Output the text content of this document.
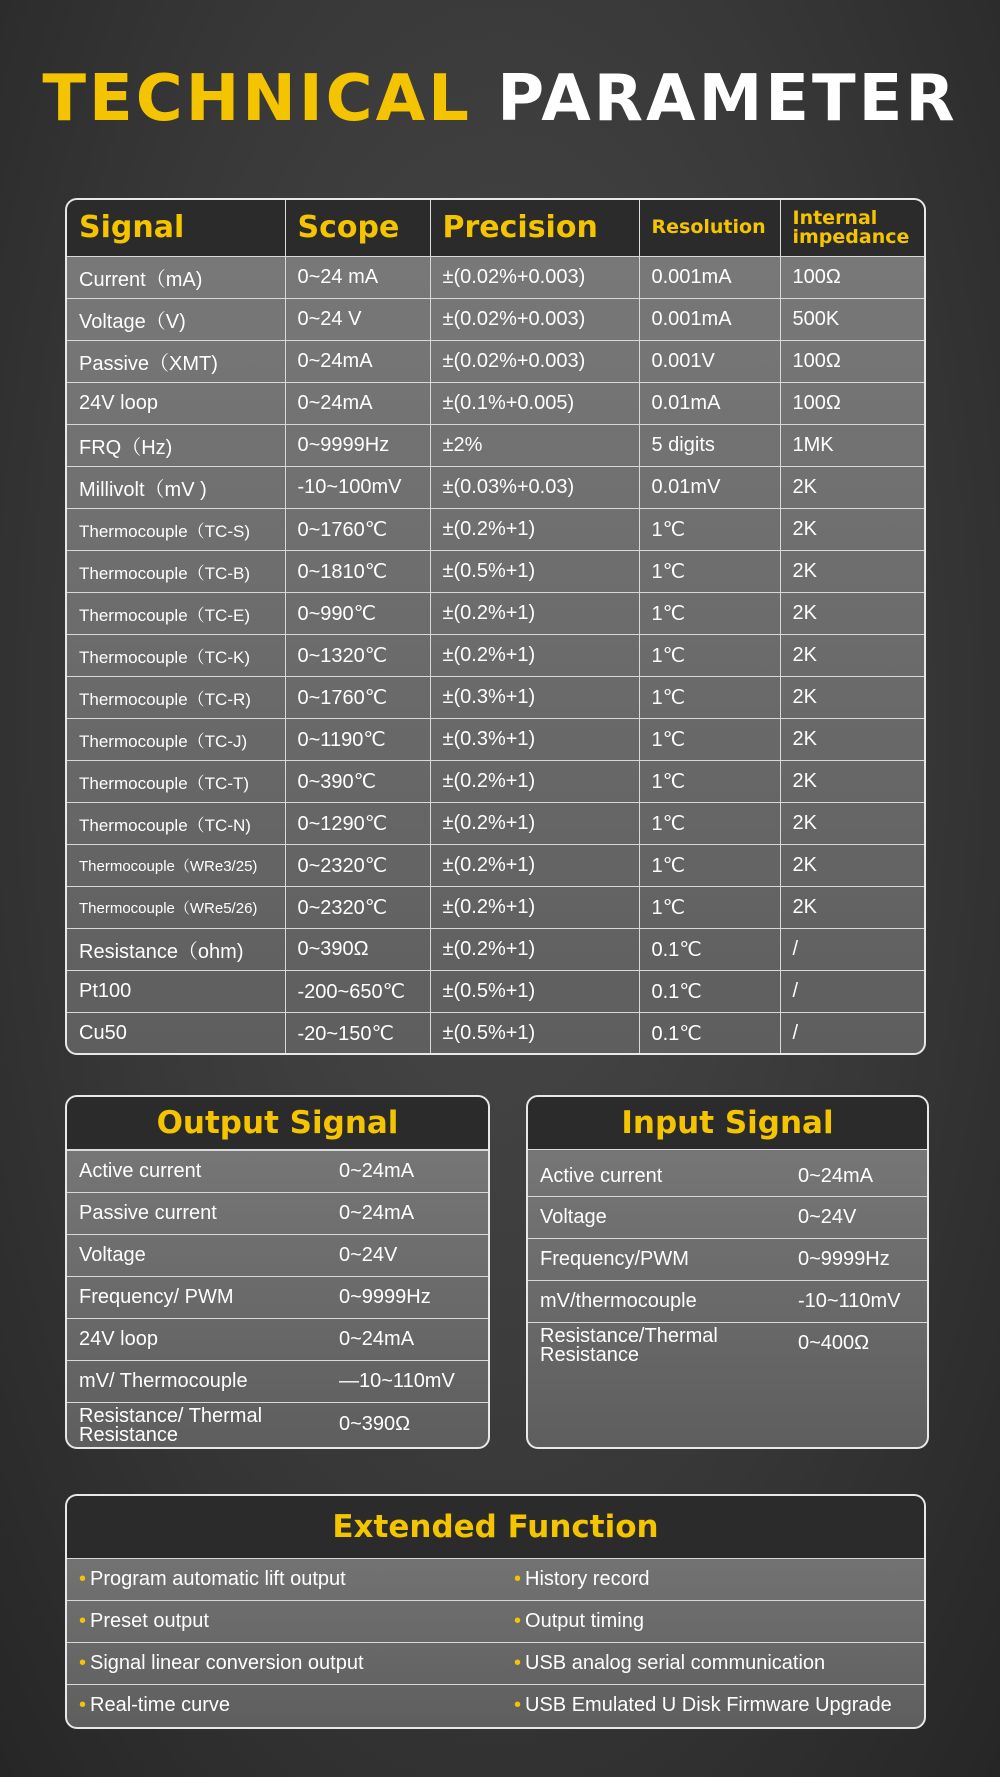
TECHNICAL PARAMETER
Signal	Scope	Precision	Resolution	Internal impedance
Current（mA)	0~24 mA	±(0.02%+0.003)	0.001mA	100Ω
Voltage（V)	0~24 V	±(0.02%+0.003)	0.001mA	500K
Passive（XMT)	0~24mA	±(0.02%+0.003)	0.001V	100Ω
24V loop	0~24mA	±(0.1%+0.005)	0.01mA	100Ω
FRQ（Hz)	0~9999Hz	±2%	5 digits	1MK
Millivolt（mV )	-10~100mV	±(0.03%+0.03)	0.01mV	2K
Thermocouple（TC-S)	0~1760℃	±(0.2%+1)	1℃	2K
Thermocouple（TC-B)	0~1810℃	±(0.5%+1)	1℃	2K
Thermocouple（TC-E)	0~990℃	±(0.2%+1)	1℃	2K
Thermocouple（TC-K)	0~1320℃	±(0.2%+1)	1℃	2K
Thermocouple（TC-R)	0~1760℃	±(0.3%+1)	1℃	2K
Thermocouple（TC-J)	0~1190℃	±(0.3%+1)	1℃	2K
Thermocouple（TC-T)	0~390℃	±(0.2%+1)	1℃	2K
Thermocouple（TC-N)	0~1290℃	±(0.2%+1)	1℃	2K
Thermocouple（WRe3/25)	0~2320℃	±(0.2%+1)	1℃	2K
Thermocouple（WRe5/26)	0~2320℃	±(0.2%+1)	1℃	2K
Resistance（ohm)	0~390Ω	±(0.2%+1)	0.1℃	/
Pt100	-200~650℃	±(0.5%+1)	0.1℃	/
Cu50	-20~150℃	±(0.5%+1)	0.1℃	/
Output Signal
Active current	0~24mA
Passive current	0~24mA
Voltage	0~24V
Frequency/ PWM	0~9999Hz
24V loop	0~24mA
mV/ Thermocouple	—10~110mV
Resistance/ Thermal Resistance	0~390Ω
Input Signal
Active current	0~24mA
Voltage	0~24V
Frequency/PWM	0~9999Hz
mV/thermocouple	-10~110mV
Resistance/Thermal Resistance	0~400Ω
Extended Function
• Program automatic lift output	• History record
• Preset output	• Output timing
• Signal linear conversion output	• USB analog serial communication
• Real-time curve	• USB Emulated U Disk Firmware Upgrade
